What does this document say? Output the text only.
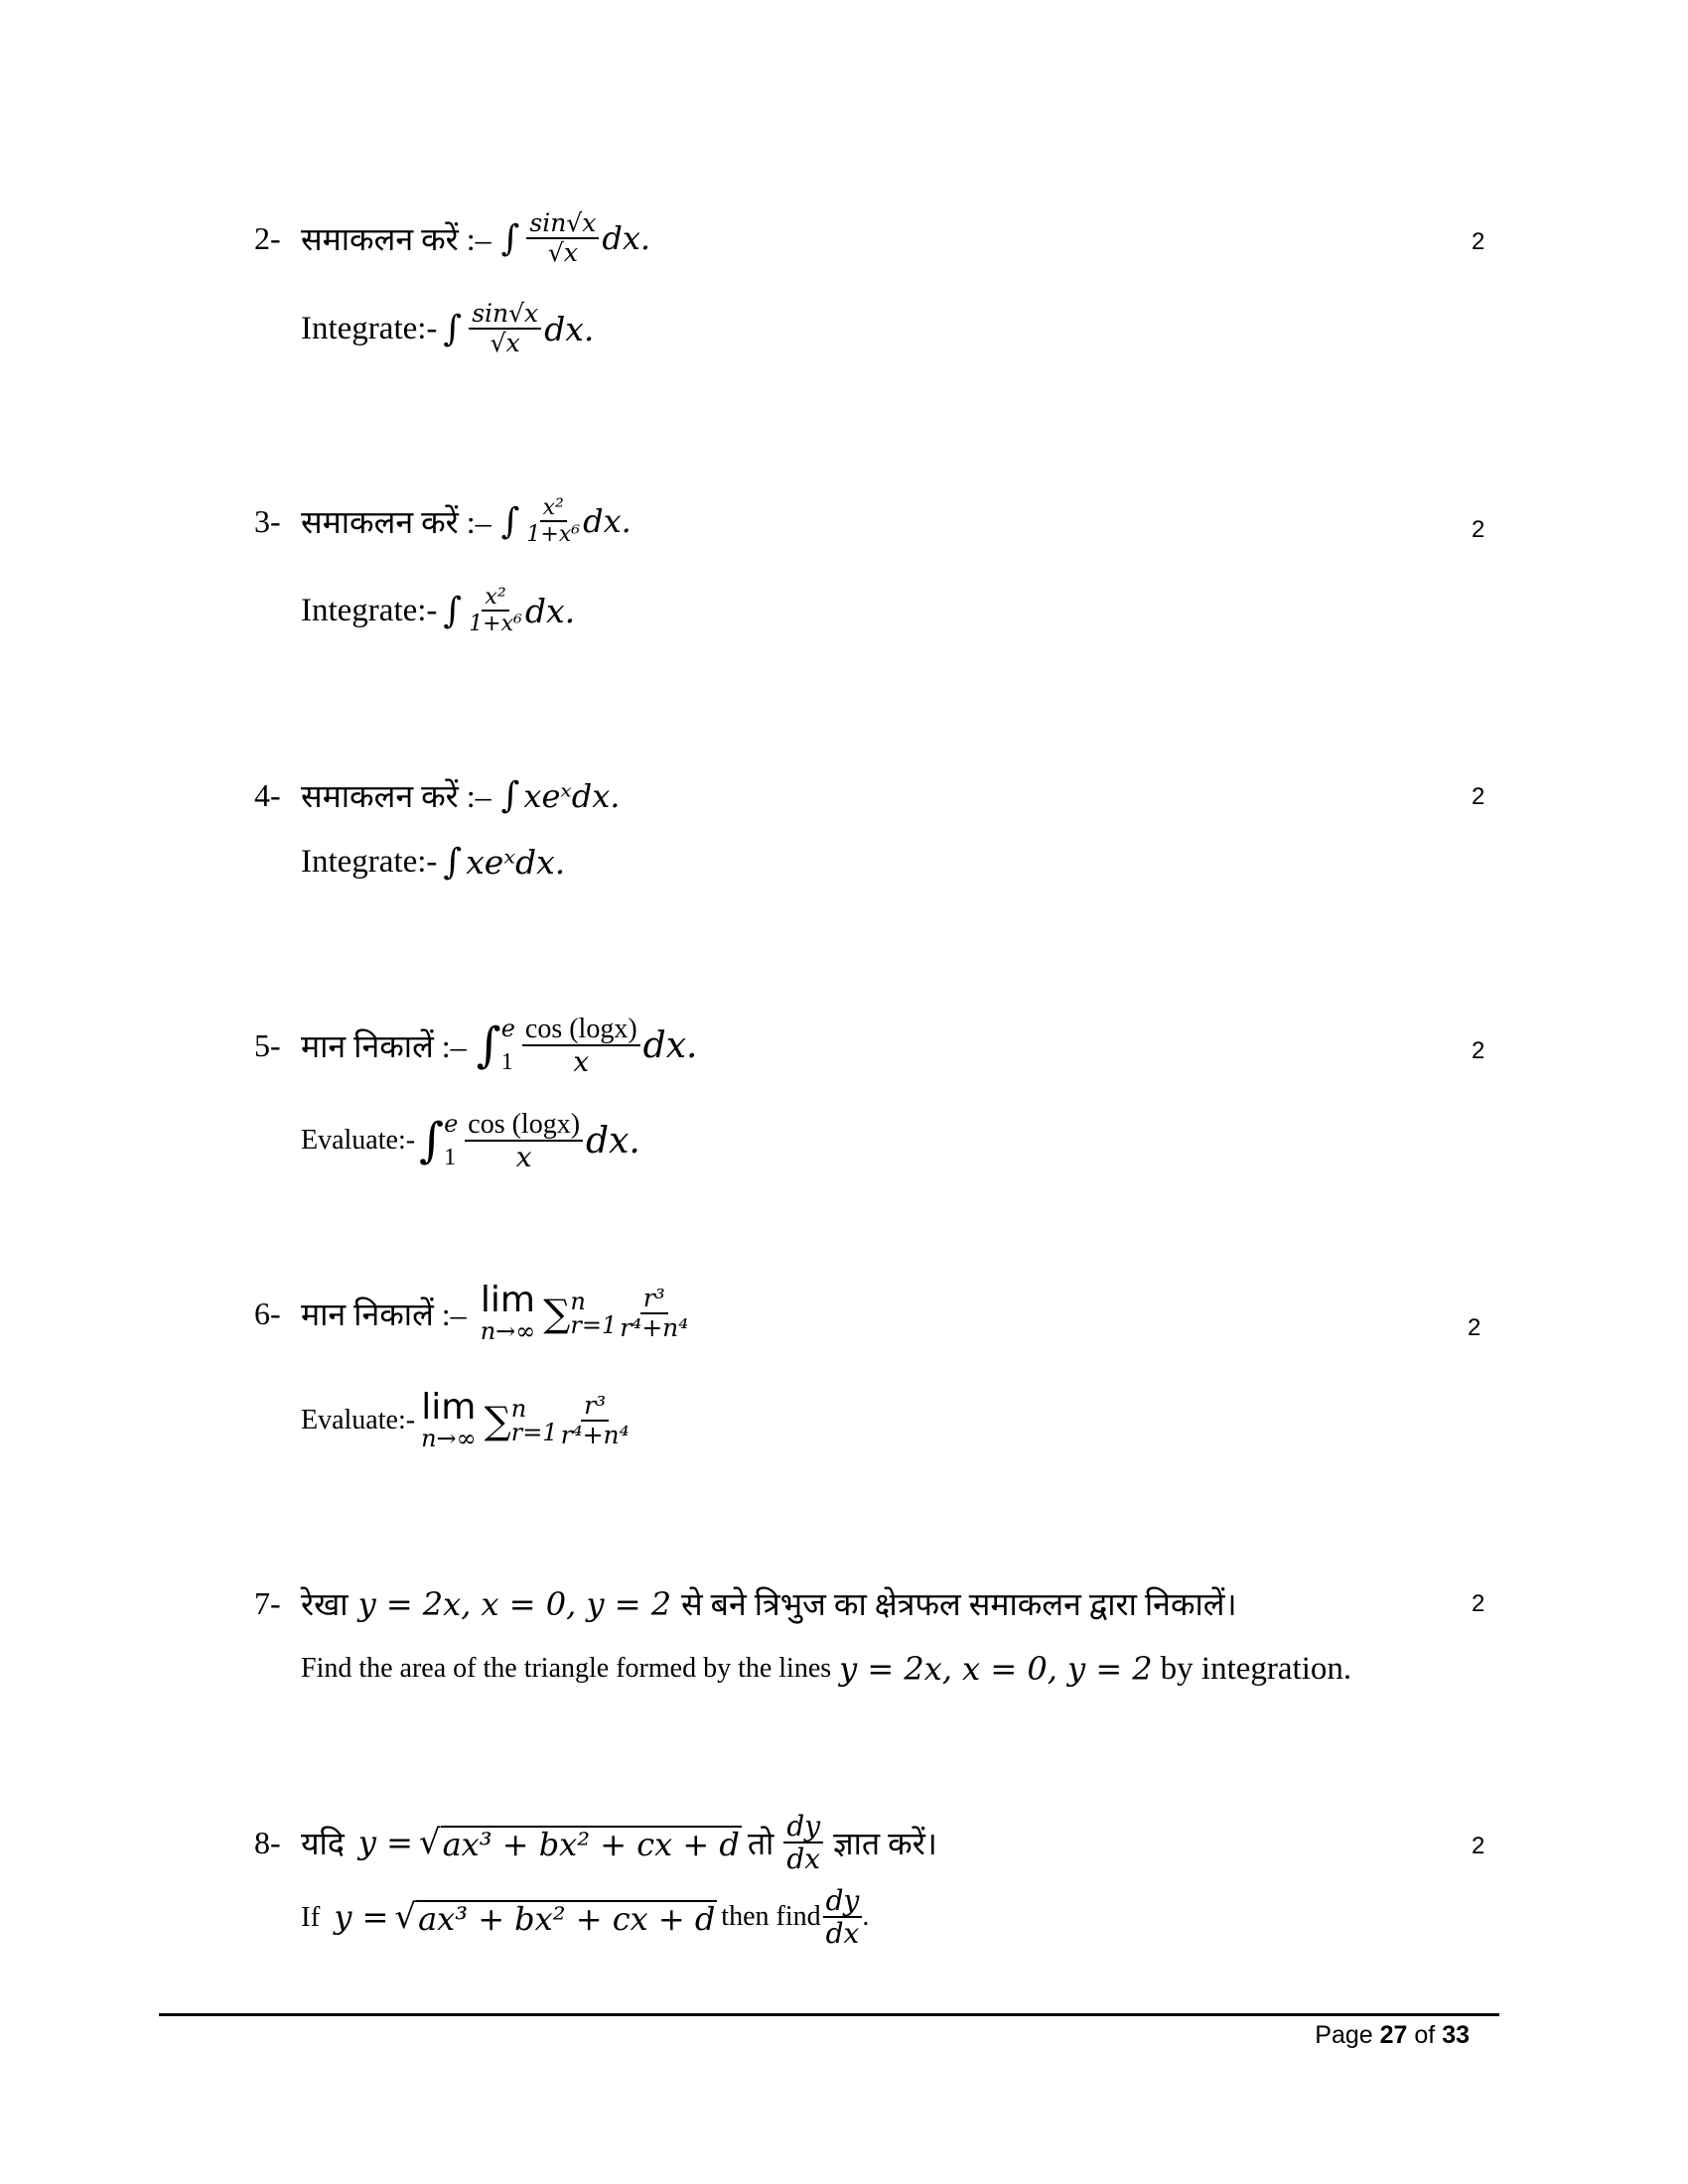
2- समाकलन करें :– ∫ $\frac{\sin√x}{√x}$ dx.	2
Integrate:- ∫ $\frac{\sin√x}{√x}$ dx.
3- समाकलन करें :– ∫ $\frac{\text{x²}}{\text{1+x⁶}}$ dx.	2
Integrate:- ∫ $\frac{\text{x²}}{\text{1+x⁶}}$ dx.
4- समाकलन करें :– ∫ xeˣdx.	2
Integrate:- ∫ xeˣdx.
5- मान निकालें :– ∫ e
$1 \frac{\cos (\log x)}{x}$ dx.	2
Evaluate:- ∫ e
$1 \frac{\cos (\log x)}{x}$ dx.
6- मान निकालें :– lim
n→∞ ∑ n
$r=1 \frac{\text{r³}}{\text{r⁴+n⁴}}$	2
Evaluate:- lim
n→∞ ∑ n
$r=1 \frac{\text{r³}}{\text{r⁴+n⁴}}$
7- रेखा y = 2x, x = 0, y = 2 से बने त्रिभुज का क्षेत्रफल समाकलन द्वारा निकालें।	2
Find the area of the triangle formed by the lines y = 2x, x = 0, y = 2 by integration.
8- यदि y = √ ax³ + bx² + cx + d तो $\frac{dy}{dx}$ ज्ञात करें।	2
If y = √ ax³ + bx² + cx + d then find $\frac{dy}{dx}$ .
Page 27 of 33
